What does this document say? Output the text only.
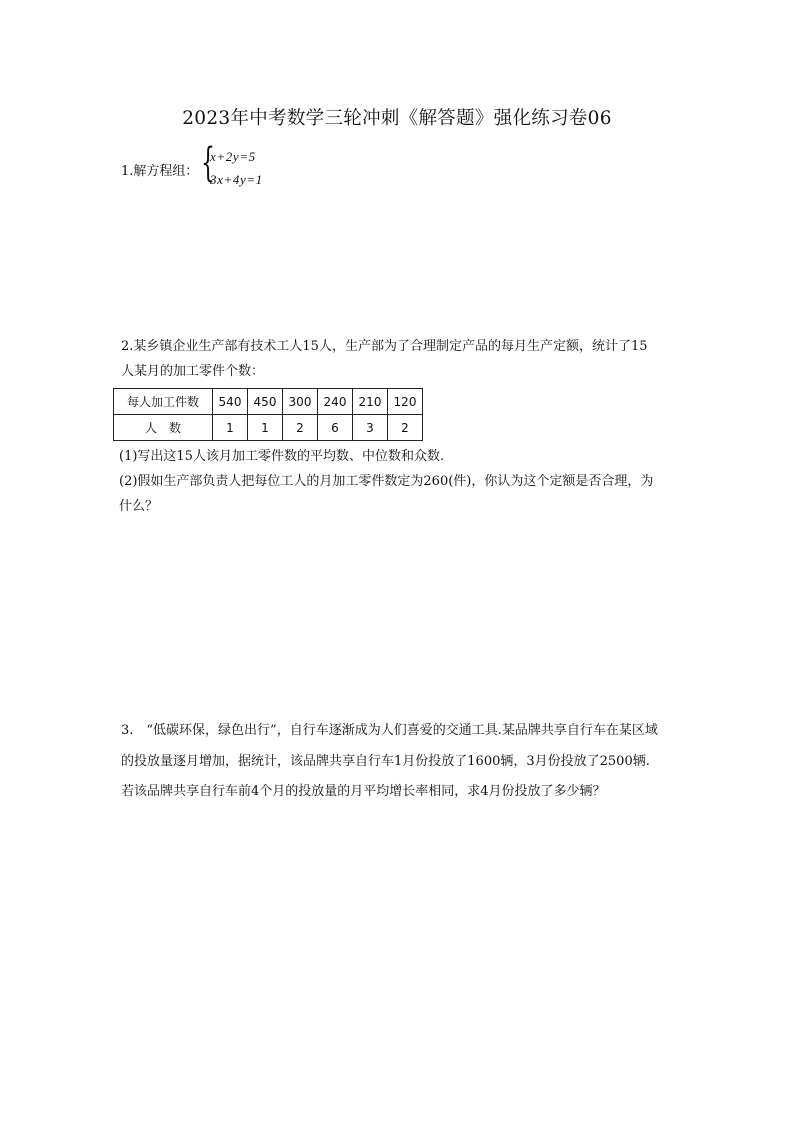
2023年中考数学三轮冲刺《解答题》强化练习卷06
1.解方程组： {
x+2y=5
3x+4y=1
2.某乡镇企业生产部有技术工人15人，生产部为了合理制定产品的每月生产定额，统计了15
人某月的加工零件个数：
每人加工件数	540	450	300	240	210	120
人　数	1	1	2	6	3	2
(1)写出这15人该月加工零件数的平均数、中位数和众数.
(2)假如生产部负责人把每位工人的月加工零件数定为260(件)，你认为这个定额是否合理，为
什么？
3.　“低碳环保，绿色出行”，自行车逐渐成为人们喜爱的交通工具.某品牌共享自行车在某区域
的投放量逐月增加，据统计，该品牌共享自行车1月份投放了1600辆，3月份投放了2500辆.
若该品牌共享自行车前4个月的投放量的月平均增长率相同，求4月份投放了多少辆？
